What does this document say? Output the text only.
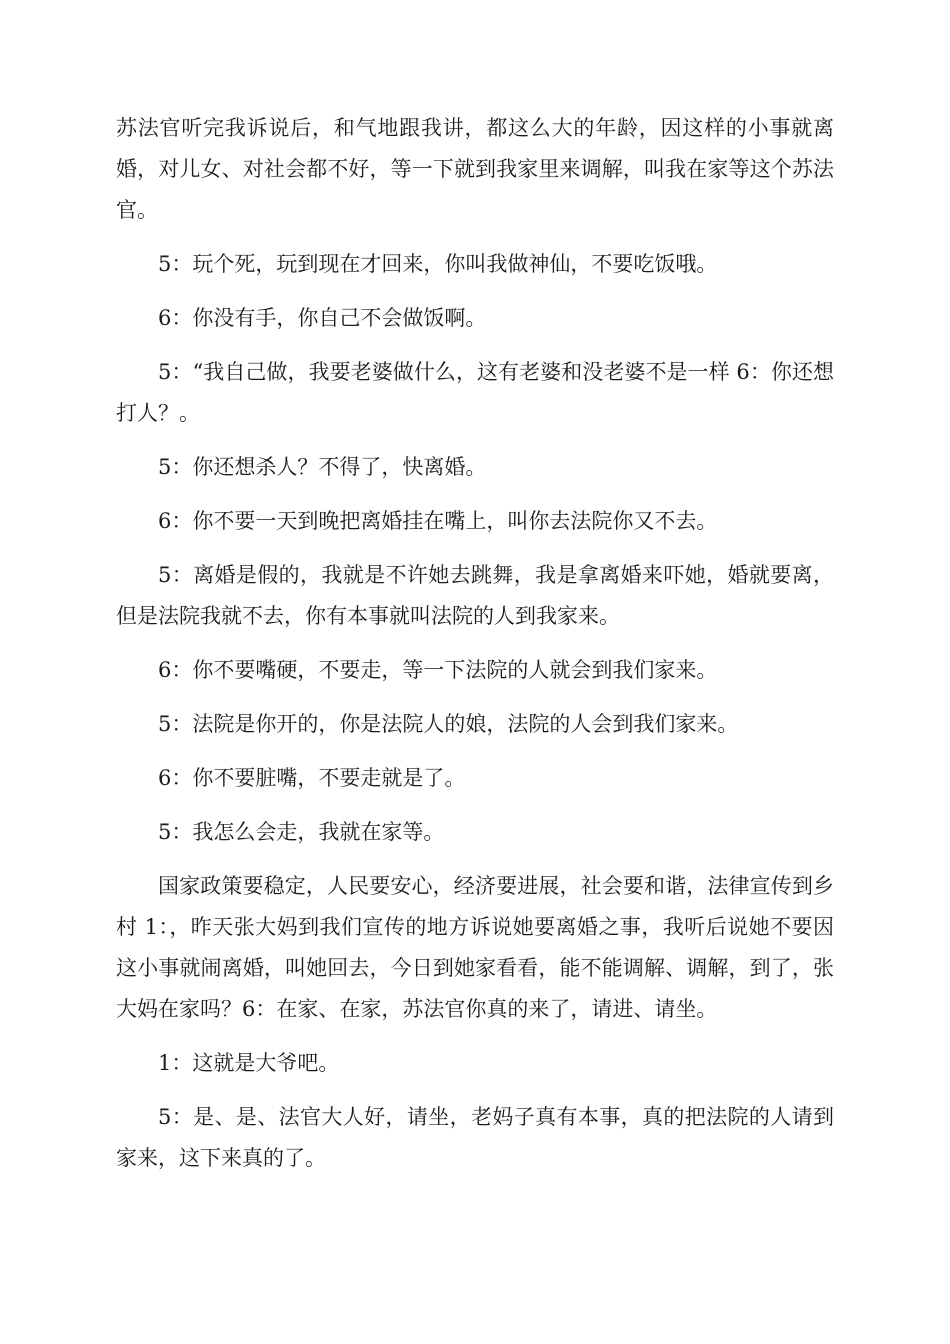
苏法官听完我诉说后，和气地跟我讲，都这么大的年龄，因这样的小事就离婚，对儿女、对社会都不好，等一下就到我家里来调解，叫我在家等这个苏法官。

5：玩个死，玩到现在才回来，你叫我做神仙，不要吃饭哦。

6：你没有手，你自己不会做饭啊。

5：“我自己做，我要老婆做什么，这有老婆和没老婆不是一样 6：你还想打人？。

5：你还想杀人？不得了，快离婚。

6：你不要一天到晚把离婚挂在嘴上，叫你去法院你又不去。

5：离婚是假的，我就是不许她去跳舞，我是拿离婚来吓她，婚就要离，但是法院我就不去，你有本事就叫法院的人到我家来。

6：你不要嘴硬，不要走，等一下法院的人就会到我们家来。

5：法院是你开的，你是法院人的娘，法院的人会到我们家来。

6：你不要脏嘴，不要走就是了。

5：我怎么会走，我就在家等。

国家政策要稳定，人民要安心，经济要进展，社会要和谐，法律宣传到乡村 1：，昨天张大妈到我们宣传的地方诉说她要离婚之事，我听后说她不要因这小事就闹离婚，叫她回去，今日到她家看看，能不能调解、调解，到了，张大妈在家吗？6：在家、在家，苏法官你真的来了，请进、请坐。

1：这就是大爷吧。

5：是、是、法官大人好，请坐，老妈子真有本事，真的把法院的人请到家来，这下来真的了。
